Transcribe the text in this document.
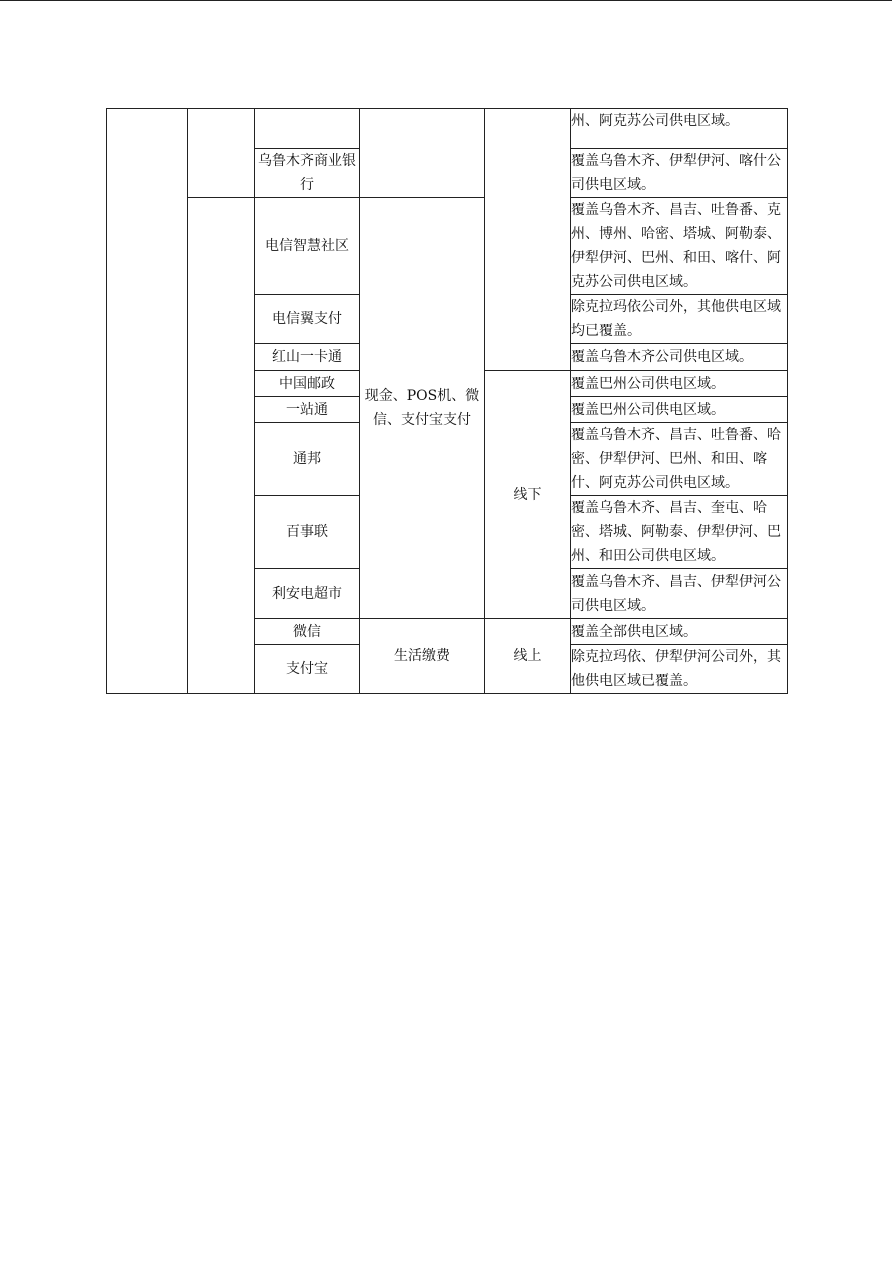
					州、阿克苏公司供电区域。
		乌鲁木齐商业银行			覆盖乌鲁木齐、伊犁伊河、喀什公司供电区域。
		电信智慧社区	现金、POS机、微信、支付宝支付		覆盖乌鲁木齐、昌吉、吐鲁番、克州、博州、哈密、塔城、阿勒泰、伊犁伊河、巴州、和田、喀什、阿克苏公司供电区域。
		电信翼支付			除克拉玛依公司外，其他供电区域均已覆盖。
		红山一卡通			覆盖乌鲁木齐公司供电区域。
		中国邮政		线下	覆盖巴州公司供电区域。
		一站通			覆盖巴州公司供电区域。
		通邦			覆盖乌鲁木齐、昌吉、吐鲁番、哈密、伊犁伊河、巴州、和田、喀什、阿克苏公司供电区域。
		百事联			覆盖乌鲁木齐、昌吉、奎屯、哈密、塔城、阿勒泰、伊犁伊河、巴州、和田公司供电区域。
		利安电超市			覆盖乌鲁木齐、昌吉、伊犁伊河公司供电区域。
		微信	生活缴费	线上	覆盖全部供电区域。
		支付宝			除克拉玛依、伊犁伊河公司外，其他供电区域已覆盖。
